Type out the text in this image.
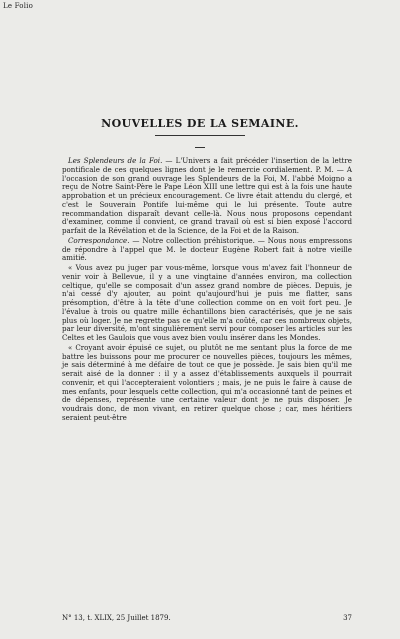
Le Folio
NOUVELLES DE LA SEMAINE.

Les Splendeurs de la Foi. — L'Univers a fait précéder l'insertion de la lettre pontificale de ces quelques lignes dont je le remercie cordialement. P. M. — A l'occasion de son grand ouvrage les Splendeurs de la Foi, M. l'abbé Moigno a reçu de Notre Saint-Père le Pape Léon XIII une lettre qui est à la fois une haute approbation et un précieux encouragement. Ce livre était attendu du clergé, et c'est le Souverain Pontife lui-même qui le lui présente. Toute autre recommandation disparaît devant celle-là. Nous nous proposons cependant d'examiner, comme il convient, ce grand travail où est si bien exposé l'accord parfait de la Révélation et de la Science, de la Foi et de la Raison.

Correspondance. — Notre collection préhistorique. — Nous nous empressons de répondre à l'appel que M. le docteur Eugène Robert fait à notre vieille amitié.

« Vous avez pu juger par vous-même, lorsque vous m'avez fait l'honneur de venir voir à Bellevue, il y a une vingtaine d'années environ, ma collection celtique, qu'elle se composait d'un assez grand nombre de pièces. Depuis, je n'ai cessé d'y ajouter, au point qu'aujourd'hui je puis me flatter, sans présomption, d'être à la tête d'une collection comme on en voit fort peu. Je l'évalue à trois ou quatre mille échantillons bien caractérisés, que je ne sais plus où loger. Je ne regrette pas ce qu'elle m'a coûté, car ces nombreux objets, par leur diversité, m'ont singulièrement servi pour composer les articles sur les Celtes et les Gaulois que vous avez bien voulu insérer dans les Mondes.

« Croyant avoir épuisé ce sujet, ou plutôt ne me sentant plus la force de me battre les buissons pour me procurer ce nouvelles pièces, toujours les mêmes, je sais déterminé à me défaire de tout ce que je possède. Je sais bien qu'il me serait aisé de la donner : il y a assez d'établissements auxquels il pourrait convenir, et qui l'accepteraient volontiers ; mais, je ne puis le faire à cause de mes enfants, pour lesquels cette collection, qui m'a occasionné tant de peines et de dépenses, représente une certaine valeur dont je ne puis disposer. Je voudrais donc, de mon vivant, en retirer quelque chose ; car, mes héritiers seraient peut-être

N° 13, t. XLIX, 25 Juillet 1879.	37
